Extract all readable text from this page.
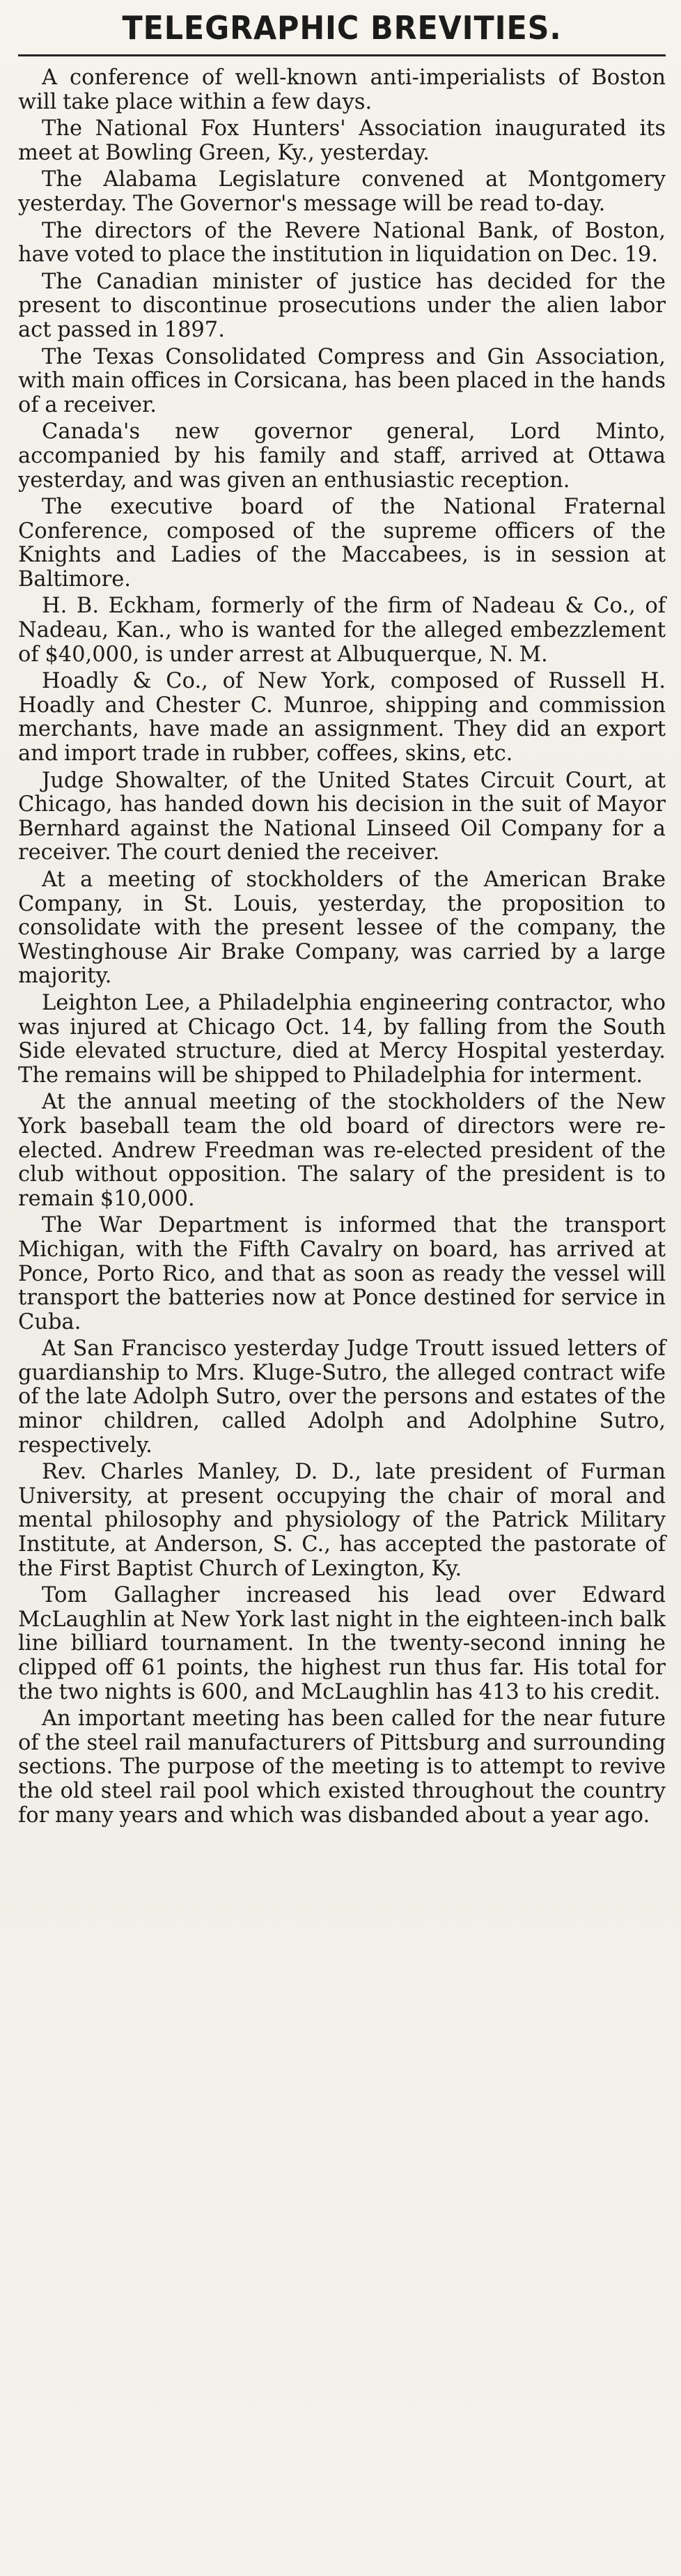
TELEGRAPHIC BREVITIES.

A conference of well-known anti-imperialists of Boston will take place within a few days.

The National Fox Hunters' Association inaugurated its meet at Bowling Green, Ky., yesterday.

The Alabama Legislature convened at Montgomery yesterday. The Governor's message will be read to-day.

The directors of the Revere National Bank, of Boston, have voted to place the institution in liquidation on Dec. 19.

The Canadian minister of justice has decided for the present to discontinue prosecutions under the alien labor act passed in 1897.

The Texas Consolidated Compress and Gin Association, with main offices in Corsicana, has been placed in the hands of a receiver.

Canada's new governor general, Lord Minto, accompanied by his family and staff, arrived at Ottawa yesterday, and was given an enthusiastic reception.

The executive board of the National Fraternal Conference, composed of the supreme officers of the Knights and Ladies of the Maccabees, is in session at Baltimore.

H. B. Eckham, formerly of the firm of Nadeau & Co., of Nadeau, Kan., who is wanted for the alleged embezzlement of $40,000, is under arrest at Albuquerque, N. M.

Hoadly & Co., of New York, composed of Russell H. Hoadly and Chester C. Munroe, shipping and commission merchants, have made an assignment. They did an export and import trade in rubber, coffees, skins, etc.

Judge Showalter, of the United States Circuit Court, at Chicago, has handed down his decision in the suit of Mayor Bernhard against the National Linseed Oil Company for a receiver. The court denied the receiver.

At a meeting of stockholders of the American Brake Company, in St. Louis, yesterday, the proposition to consolidate with the present lessee of the company, the Westinghouse Air Brake Company, was carried by a large majority.

Leighton Lee, a Philadelphia engineering contractor, who was injured at Chicago Oct. 14, by falling from the South Side elevated structure, died at Mercy Hospital yesterday. The remains will be shipped to Philadelphia for interment.

At the annual meeting of the stockholders of the New York baseball team the old board of directors were re-elected. Andrew Freedman was re-elected president of the club without opposition. The salary of the president is to remain $10,000.

The War Department is informed that the transport Michigan, with the Fifth Cavalry on board, has arrived at Ponce, Porto Rico, and that as soon as ready the vessel will transport the batteries now at Ponce destined for service in Cuba.

At San Francisco yesterday Judge Troutt issued letters of guardianship to Mrs. Kluge-Sutro, the alleged contract wife of the late Adolph Sutro, over the persons and estates of the minor children, called Adolph and Adolphine Sutro, respectively.

Rev. Charles Manley, D. D., late president of Furman University, at present occupying the chair of moral and mental philosophy and physiology of the Patrick Military Institute, at Anderson, S. C., has accepted the pastorate of the First Baptist Church of Lexington, Ky.

Tom Gallagher increased his lead over Edward McLaughlin at New York last night in the eighteen-inch balk line billiard tournament. In the twenty-second inning he clipped off 61 points, the highest run thus far. His total for the two nights is 600, and McLaughlin has 413 to his credit.

An important meeting has been called for the near future of the steel rail manufacturers of Pittsburg and surrounding sections. The purpose of the meeting is to attempt to revive the old steel rail pool which existed throughout the country for many years and which was disbanded about a year ago.
